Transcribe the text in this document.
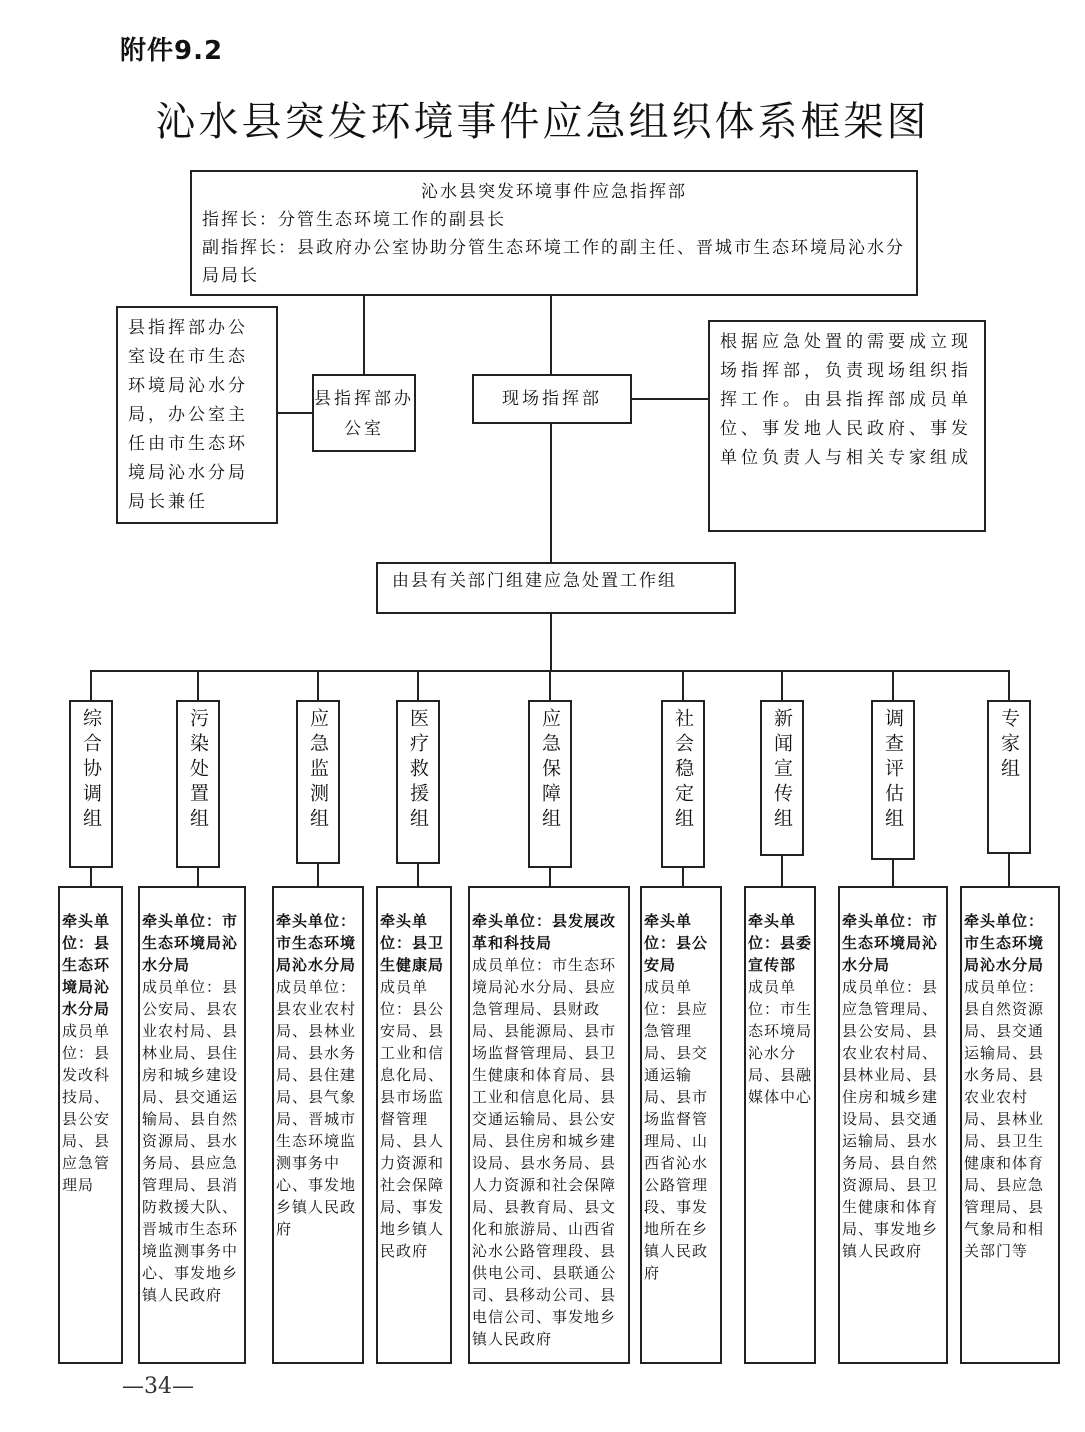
附件9.2
沁水县突发环境事件应急组织体系框架图
沁水县突发环境事件应急指挥部
指挥长：分管生态环境工作的副县长
副指挥长：县政府办公室协助分管生态环境工作的副主任、晋城市生态环境局沁水分局局长
县指挥部办公室设在市生态环境局沁水分局，办公室主任由市生态环境局沁水分局局长兼任
县指挥部办公室
现场指挥部
根据应急处置的需要成立现场指挥部，负责现场组织指挥工作。由县指挥部成员单位、事发地人民政府、事发单位负责人与相关专家组成
由县有关部门组建应急处置工作组
综合协调组
牵头单位：县生态环境局沁水分局
成员单位：县发改科技局、县公安局、县应急管理局
污染处置组
牵头单位：市生态环境局沁水分局
成员单位：县公安局、县农业农村局、县林业局、县住房和城乡建设局、县交通运输局、县自然资源局、县水务局、县应急管理局、县消防救援大队、晋城市生态环境监测事务中心、事发地乡镇人民政府
应急监测组
牵头单位：市生态环境局沁水分局
成员单位：县农业农村局、县林业局、县水务局、县住建局、县气象局、晋城市生态环境监测事务中心、事发地乡镇人民政府
医疗救援组
牵头单位：县卫生健康局
成员单位：县公安局、县工业和信息化局、县市场监督管理局、县人力资源和社会保障局、事发地乡镇人民政府
应急保障组
牵头单位：县发展改革和科技局
成员单位：市生态环境局沁水分局、县应急管理局、县财政局、县能源局、县市场监督管理局、县卫生健康和体育局、县工业和信息化局、县交通运输局、县公安局、县住房和城乡建设局、县水务局、县人力资源和社会保障局、县教育局、县文化和旅游局、山西省沁水公路管理段、县供电公司、县联通公司、县移动公司、县电信公司、事发地乡镇人民政府
社会稳定组
牵头单位：县公安局
成员单位：县应急管理局、县交通运输局、县市场监督管理局、山西省沁水公路管理段、事发地所在乡镇人民政府
新闻宣传组
牵头单位：县委宣传部
成员单位：市生态环境局沁水分局、县融媒体中心
调查评估组
牵头单位：市生态环境局沁水分局
成员单位：县应急管理局、县公安局、县农业农村局、县林业局、县住房和城乡建设局、县交通运输局、县水务局、县自然资源局、县卫生健康和体育局、事发地乡镇人民政府
专家组
牵头单位：市生态环境局沁水分局
成员单位：县自然资源局、县交通运输局、县水务局、县农业农村局、县林业局、县卫生健康和体育局、县应急管理局、县气象局和相关部门等
—34—
